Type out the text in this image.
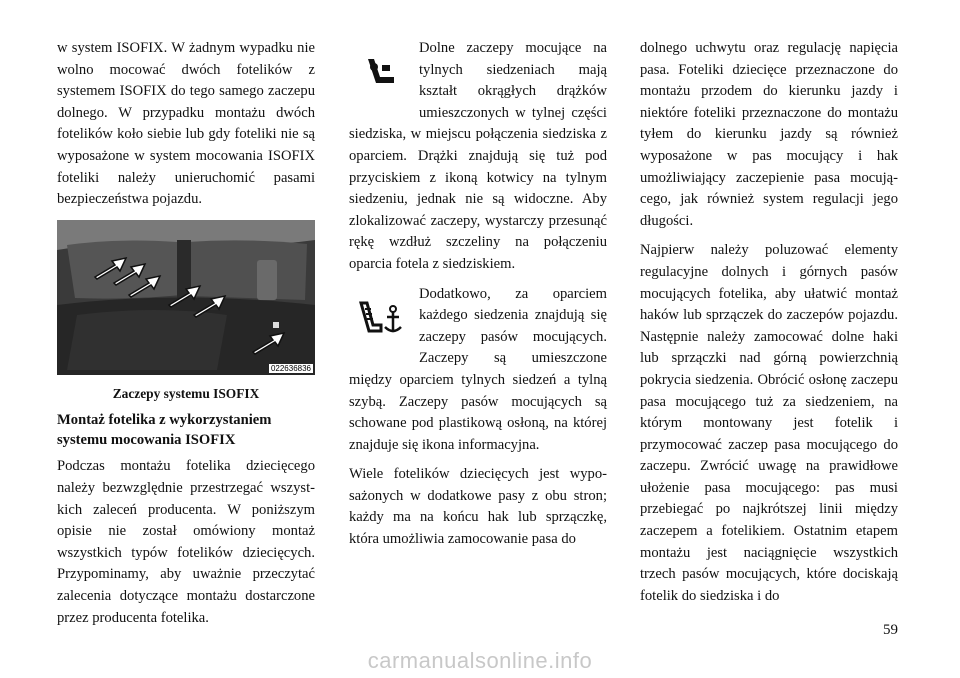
w system ISOFIX. W żadnym wypadku nie wolno mocować dwóch fotelików z systemem ISOFIX do tego samego zaczepu dolnego. W przypadku montażu dwóch fotelików koło siebie lub gdy foteliki nie są wyposażone w system mocowania ISOFIX foteliki należy unieruchomić pasami bezpieczeństwa pojazdu.

022636836
Zaczepy systemu ISOFIX
Montaż fotelika z wykorzystaniem systemu mocowania ISOFIX

Podczas montażu fotelika dziecięcego należy bezwzględnie przestrzegać wszystkich zaleceń producenta. W poniższym opisie nie został omówiony montaż wszystkich typów fotelików dziecięcych. Przypominamy, aby uważnie przeczytać zalecenia dotyczące montażu dostarczone przez producenta fotelika.

Dolne zaczepy mocujące na tylnych siedzeniach mają kształt okrągłych drążków umieszczonych w tylnej części siedziska, w miejscu połączenia siedziska z oparciem. Drążki znajdują się tuż pod przyciskiem z ikoną kotwicy na tylnym siedzeniu, jednak nie są widoczne. Aby zlokalizować zaczepy, wystarczy przesunąć rękę wzdłuż szczeliny na połączeniu oparcia fotela z siedziskiem.

Dodatkowo, za oparciem każdego siedzenia znajdują się zaczepy pasów mocujących. Zaczepy są umieszczone między oparciem tylnych siedzeń a tylną szybą. Zaczepy pasów mocujących są schowane pod plastikową osłoną, na której znajduje się ikona informacyjna.

Wiele fotelików dziecięcych jest wyposażonych w dodatkowe pasy z obu stron; każdy ma na końcu hak lub sprzączkę, która umożliwia zamocowanie pasa do

dolnego uchwytu oraz regulację napięcia pasa. Foteliki dziecięce przeznaczone do montażu przodem do kierunku jazdy i niektóre foteliki przeznaczone do montażu tyłem do kierunku jazdy są również wyposażone w pas mocujący i hak umożliwiający zaczepienie pasa mocującego, jak również system regulacji jego długości.

Najpierw należy poluzować elementy regulacyjne dolnych i górnych pasów mocujących fotelika, aby ułatwić montaż haków lub sprzączek do zaczepów pojazdu. Następnie należy zamocować dolne haki lub sprzączki nad górną powierzchnią pokrycia siedzenia. Obrócić osłonę zaczepu pasa mocującego tuż za siedzeniem, na którym montowany jest fotelik i przymocować zaczep pasa mocującego do zaczepu. Zwrócić uwagę na prawidłowe ułożenie pasa mocującego: pas musi przebiegać po najkrótszej linii między zaczepem a fotelikiem. Ostatnim etapem montażu jest naciągnięcie wszystkich trzech pasów mocujących, które dociskają fotelik do siedziska i do

59
carmanualsonline.info
